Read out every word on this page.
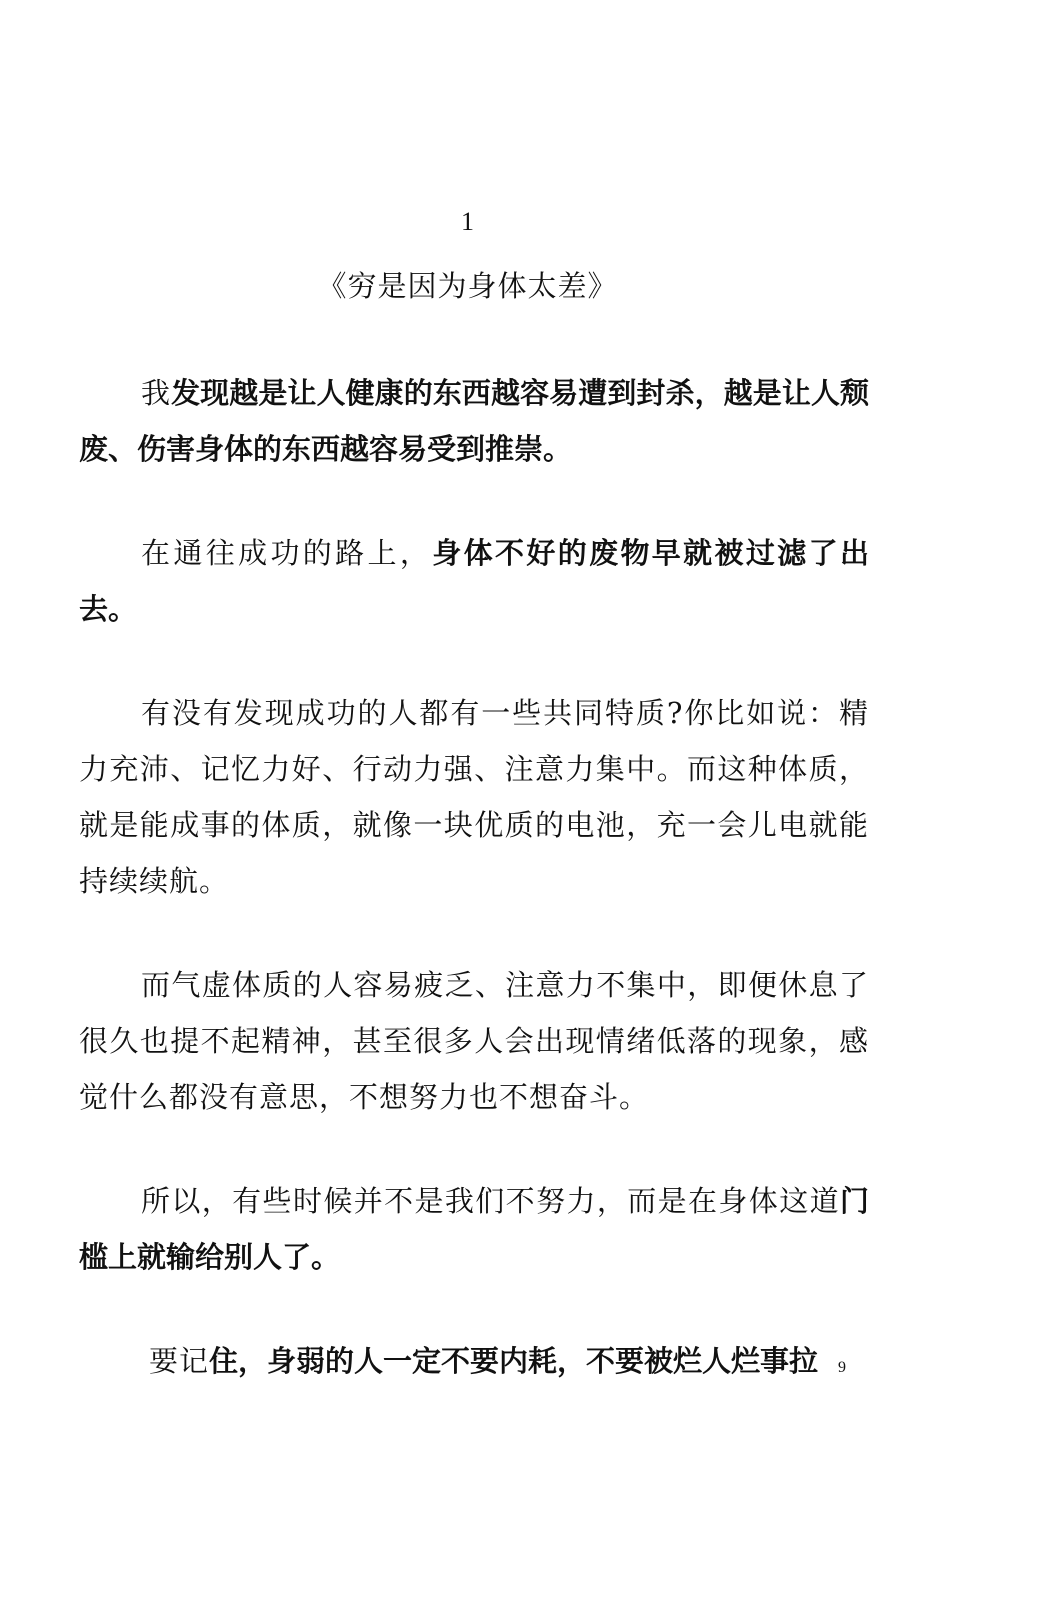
1
《穷是因为身体太差》

我发现越是让人健康的东西越容易遭到封杀，越是让人颓废、伤害身体的东西越容易受到推崇。

在通往成功的路上，身体不好的废物早就被过滤了出去。

有没有发现成功的人都有一些共同特质?你比如说：精力充沛、记忆力好、行动力强、注意力集中。而这种体质，就是能成事的体质，就像一块优质的电池，充一会儿电就能持续续航。

而气虚体质的人容易疲乏、注意力不集中，即便休息了很久也提不起精神，甚至很多人会出现情绪低落的现象，感觉什么都没有意思，不想努力也不想奋斗。

所以，有些时候并不是我们不努力，而是在身体这道门槛上就输给别人了。

要记住，身弱的人一定不要内耗，不要被烂人烂事拉	9
